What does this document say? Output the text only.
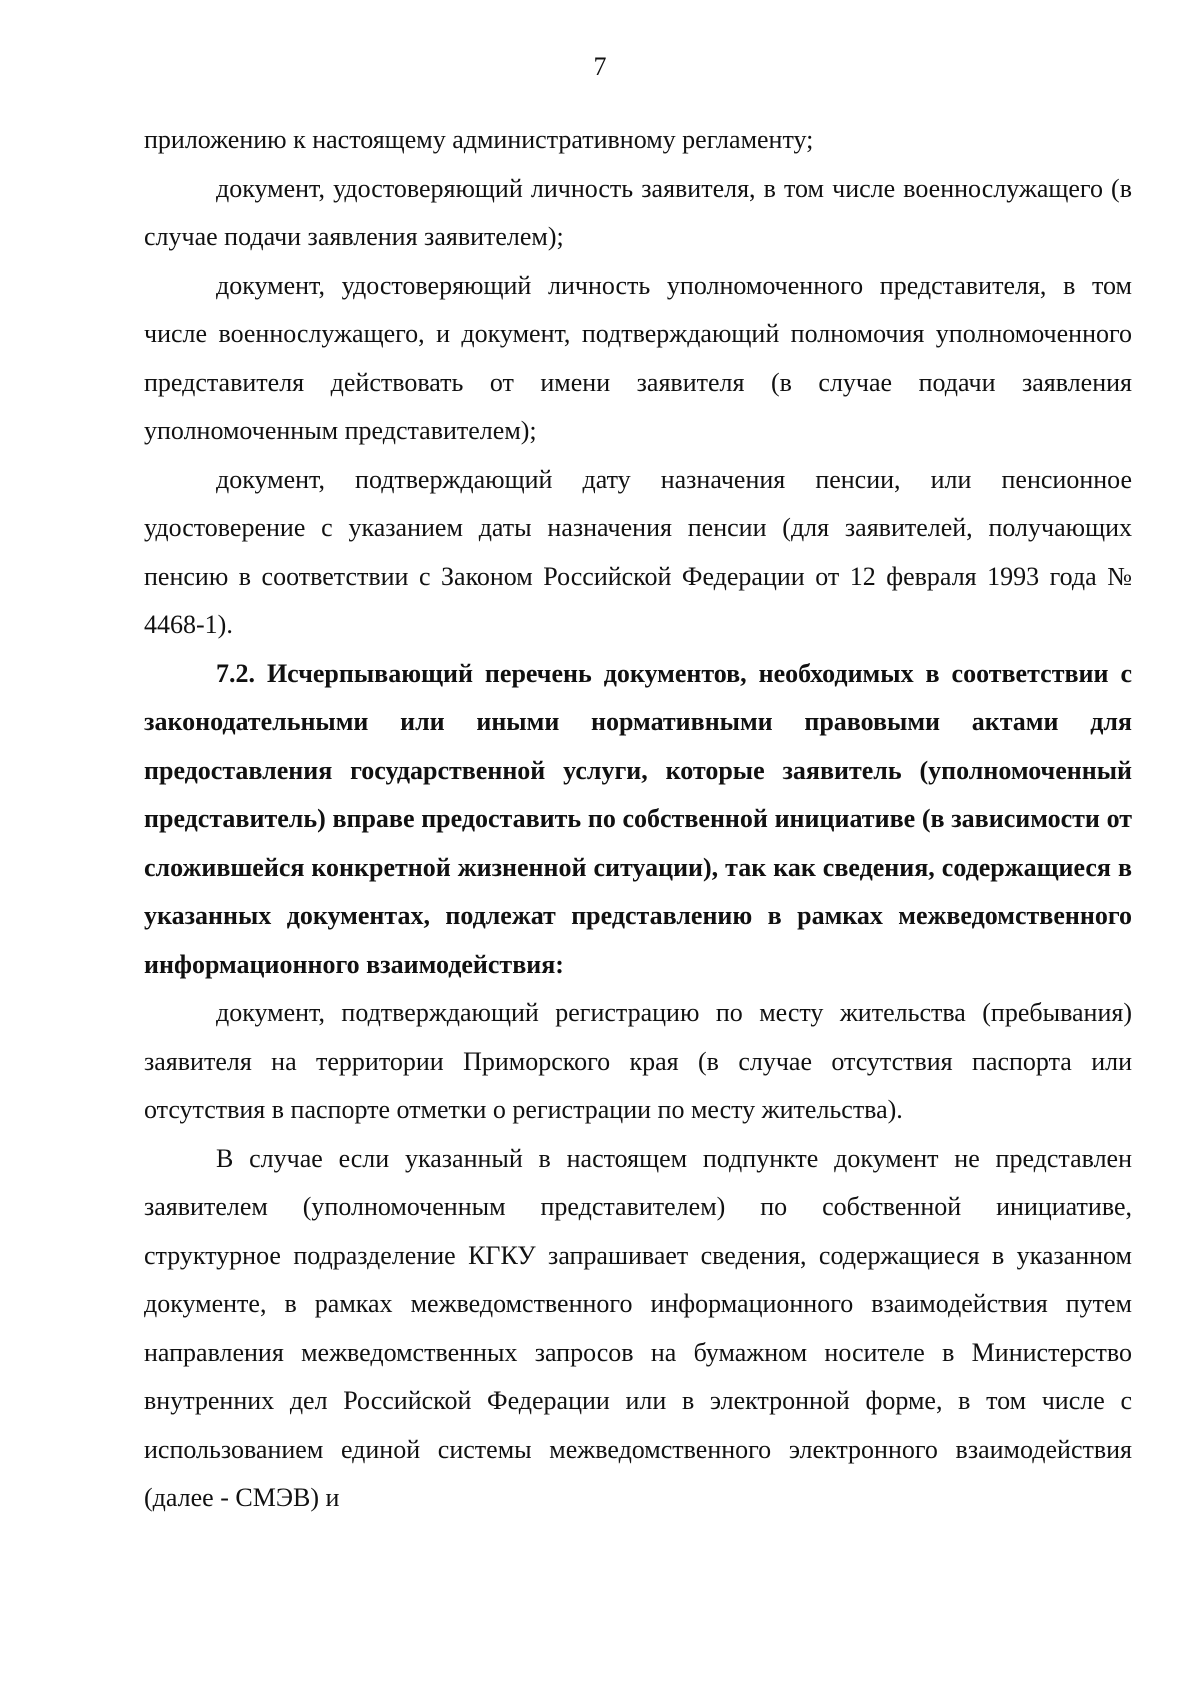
7

приложению к настоящему административному регламенту;

документ, удостоверяющий личность заявителя, в том числе военнослужащего (в случае подачи заявления заявителем);

документ, удостоверяющий личность уполномоченного представителя, в том числе военнослужащего, и документ, подтверждающий полномочия уполномоченного представителя действовать от имени заявителя (в случае подачи заявления уполномоченным представителем);

документ, подтверждающий дату назначения пенсии, или пенсионное удостоверение с указанием даты назначения пенсии (для заявителей, получающих пенсию в соответствии с Законом Российской Федерации от 12 февраля 1993 года № 4468-1).

7.2. Исчерпывающий перечень документов, необходимых в соответствии с законодательными или иными нормативными правовыми актами для предоставления государственной услуги, которые заявитель (уполномоченный представитель) вправе предоставить по собственной инициативе (в зависимости от сложившейся конкретной жизненной ситуации), так как сведения, содержащиеся в указанных документах, подлежат представлению в рамках межведомственного информационного взаимодействия:

документ, подтверждающий регистрацию по месту жительства (пребывания) заявителя на территории Приморского края (в случае отсутствия паспорта или отсутствия в паспорте отметки о регистрации по месту жительства).

В случае если указанный в настоящем подпункте документ не представлен заявителем (уполномоченным представителем) по собственной инициативе, структурное подразделение КГКУ запрашивает сведения, содержащиеся в указанном документе, в рамках межведомственного информационного взаимодействия путем направления межведомственных запросов на бумажном носителе в Министерство внутренних дел Российской Федерации или в электронной форме, в том числе с использованием единой системы межведомственного электронного взаимодействия (далее - СМЭВ) и
